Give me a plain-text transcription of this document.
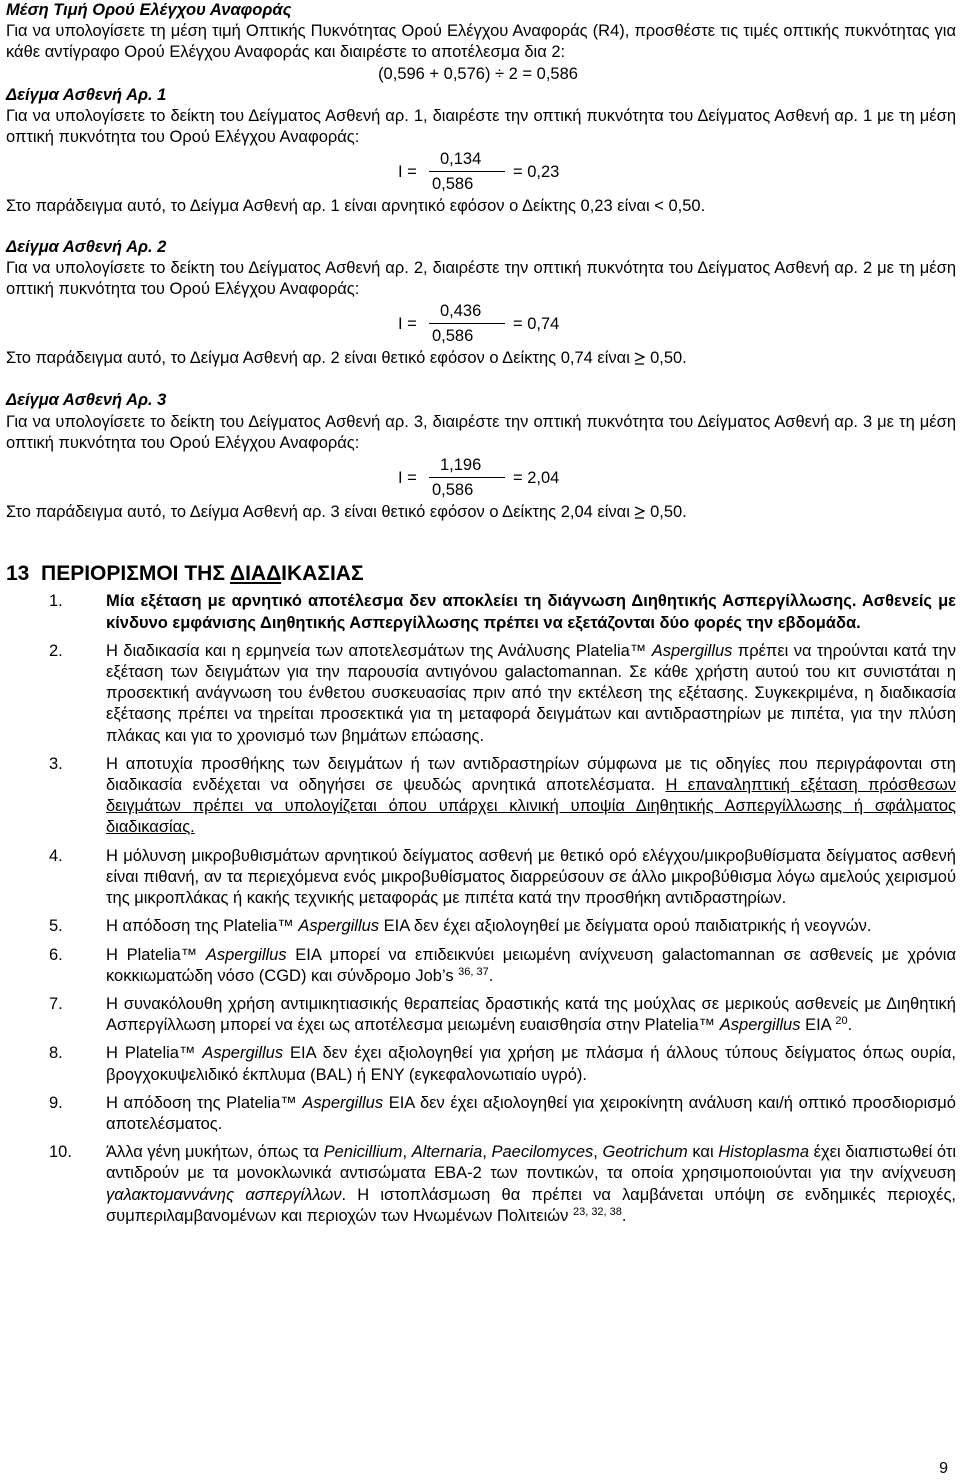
Μέση Τιμή Ορού Ελέγχου Αναφοράς

Για να υπολογίσετε τη μέση τιμή Οπτικής Πυκνότητας Ορού Ελέγχου Αναφοράς (R4), προσθέστε τις τιμές οπτικής πυκνότητας για κάθε αντίγραφο Ορού Ελέγχου Αναφοράς και διαιρέστε το αποτέλεσμα δια 2:

(0,596 + 0,576) ÷ 2 = 0,586

Δείγμα Ασθενή Αρ. 1

Για να υπολογίσετε το δείκτη του Δείγματος Ασθενή αρ. 1, διαιρέστε την οπτική πυκνότητα του Δείγματος Ασθενή αρ. 1 με τη μέση οπτική πυκνότητα του Ορού Ελέγχου Αναφοράς:

I =
0,134
0,586
= 0,23

Στο παράδειγμα αυτό, το Δείγμα Ασθενή αρ. 1 είναι αρνητικό εφόσον ο Δείκτης 0,23 είναι < 0,50.

Δείγμα Ασθενή Αρ. 2

Για να υπολογίσετε το δείκτη του Δείγματος Ασθενή αρ. 2, διαιρέστε την οπτική πυκνότητα του Δείγματος Ασθενή αρ. 2 με τη μέση οπτική πυκνότητα του Ορού Ελέγχου Αναφοράς:

I =
0,436
0,586
= 0,74

Στο παράδειγμα αυτό, το Δείγμα Ασθενή αρ. 2 είναι θετικό εφόσον ο Δείκτης 0,74 είναι 0,50.

Δείγμα Ασθενή Αρ. 3

Για να υπολογίσετε το δείκτη του Δείγματος Ασθενή αρ. 3, διαιρέστε την οπτική πυκνότητα του Δείγματος Ασθενή αρ. 3 με τη μέση οπτική πυκνότητα του Ορού Ελέγχου Αναφοράς:

I =
1,196
0,586
= 2,04

Στο παράδειγμα αυτό, το Δείγμα Ασθενή αρ. 3 είναι θετικό εφόσον ο Δείκτης 2,04 είναι 0,50.

13 ΠΕΡΙΟΡΙΣΜΟΙ ΤΗΣ ΔΙΑΔΙΚΑΣΙΑΣ

1.	Μία εξέταση με αρνητικό αποτέλεσμα δεν αποκλείει τη διάγνωση Διηθητικής Ασπεργίλλωσης. Ασθενείς με κίνδυνο εμφάνισης Διηθητικής Ασπεργίλλωσης πρέπει να εξετάζονται δύο φορές την εβδομάδα.
2.	Η διαδικασία και η ερμηνεία των αποτελεσμάτων της Ανάλυσης Platelia™ Aspergillus πρέπει να τηρούνται κατά την εξέταση των δειγμάτων για την παρουσία αντιγόνου galactomannan. Σε κάθε χρήστη αυτού του κιτ συνιστάται η προσεκτική ανάγνωση του ένθετου συσκευασίας πριν από την εκτέλεση της εξέτασης. Συγκεκριμένα, η διαδικασία εξέτασης πρέπει να τηρείται προσεκτικά για τη μεταφορά δειγμάτων και αντιδραστηρίων με πιπέτα, για την πλύση πλάκας και για το χρονισμό των βημάτων επώασης.
3.	Η αποτυχία προσθήκης των δειγμάτων ή των αντιδραστηρίων σύμφωνα με τις οδηγίες που περιγράφονται στη διαδικασία ενδέχεται να οδηγήσει σε ψευδώς αρνητικά αποτελέσματα. Η επαναληπτική εξέταση πρόσθεσων δειγμάτων πρέπει να υπολογίζεται όπου υπάρχει κλινική υποψία Διηθητικής Ασπεργίλλωσης ή σφάλματος διαδικασίας.
4.	Η μόλυνση μικροβυθισμάτων αρνητικού δείγματος ασθενή με θετικό ορό ελέγχου/μικροβυθίσματα δείγματος ασθενή είναι πιθανή, αν τα περιεχόμενα ενός μικροβυθίσματος διαρρεύσουν σε άλλο μικροβύθισμα λόγω αμελούς χειρισμού της μικροπλάκας ή κακής τεχνικής μεταφοράς με πιπέτα κατά την προσθήκη αντιδραστηρίων.
5.	Η απόδοση της Platelia™ Aspergillus EIA δεν έχει αξιολογηθεί με δείγματα ορού παιδιατρικής ή νεογνών.
6.	Η Platelia™ Aspergillus EIA μπορεί να επιδεικνύει μειωμένη ανίχνευση galactomannan σε ασθενείς με χρόνια κοκκιωματώδη νόσο (CGD) και σύνδρομο Job’s $^{36, 37}$.
7.	Η συνακόλουθη χρήση αντιμικητιασικής θεραπείας δραστικής κατά της μούχλας σε μερικούς ασθενείς με Διηθητική Ασπεργίλλωση μπορεί να έχει ως αποτέλεσμα μειωμένη ευαισθησία στην Platelia™ Aspergillus EIA $^{20}$.
8.	Η Platelia™ Aspergillus EIA δεν έχει αξιολογηθεί για χρήση με πλάσμα ή άλλους τύπους δείγματος όπως ουρία, βρογχοκυψελιδικό έκπλυμα (BAL) ή ENY (εγκεφαλονωτιαίο υγρό).
9.	Η απόδοση της Platelia™ Aspergillus EIA δεν έχει αξιολογηθεί για χειροκίνητη ανάλυση και/ή οπτικό προσδιορισμό αποτελέσματος.
10.	Άλλα γένη μυκήτων, όπως τα Penicillium, Alternaria, Paecilomyces, Geotrichum και Histoplasma έχει διαπιστωθεί ότι αντιδρούν με τα μονοκλωνικά αντισώματα EBA-2 των ποντικών, τα οποία χρησιμοποιούνται για την ανίχνευση γαλακτομαννάνης ασπεργίλλων. Η ιστοπλάσμωση θα πρέπει να λαμβάνεται υπόψη σε ενδημικές περιοχές, συμπεριλαμβανομένων και περιοχών των Ηνωμένων Πολιτειών $^{23, 32, 38}$.
9
